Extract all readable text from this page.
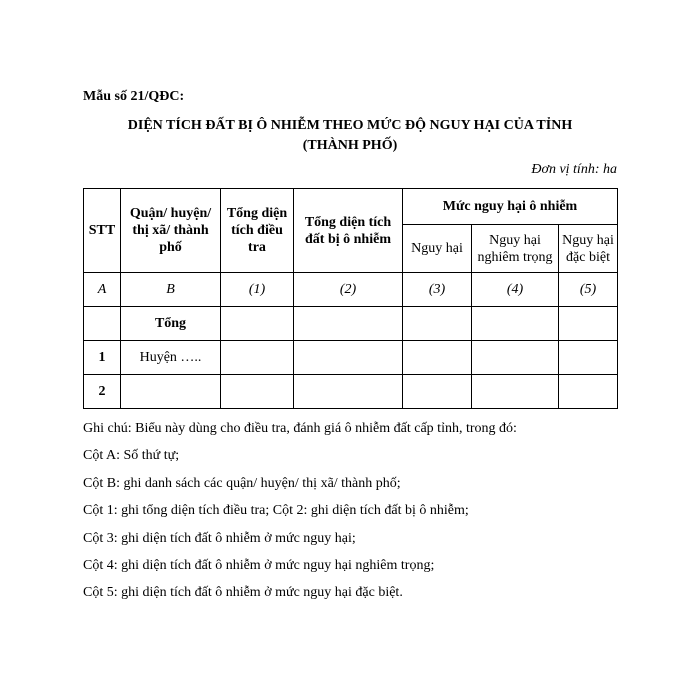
Mẫu số 21/QĐC:
DIỆN TÍCH ĐẤT BỊ Ô NHIỄM THEO MỨC ĐỘ NGUY HẠI CỦA TỈNH
(THÀNH PHỐ)
Đơn vị tính: ha
STT	Quận/ huyện/ thị xã/ thành phố	Tổng diện tích điều tra	Tổng diện tích đất bị ô nhiễm	Mức nguy hại ô nhiễm		
				Nguy hại	Nguy hại nghiêm trọng	Nguy hại đặc biệt
A	B	(1)	(2)	(3)	(4)	(5)
	Tổng					
1	Huyện …..					
2						

Ghi chú: Biểu này dùng cho điều tra, đánh giá ô nhiễm đất cấp tỉnh, trong đó:

Cột A: Số thứ tự;

Cột B: ghi danh sách các quận/ huyện/ thị xã/ thành phố;

Cột 1: ghi tổng diện tích điều tra; Cột 2: ghi diện tích đất bị ô nhiễm;

Cột 3: ghi diện tích đất ô nhiễm ở mức nguy hại;

Cột 4: ghi diện tích đất ô nhiễm ở mức nguy hại nghiêm trọng;

Cột 5: ghi diện tích đất ô nhiễm ở mức nguy hại đặc biệt.
